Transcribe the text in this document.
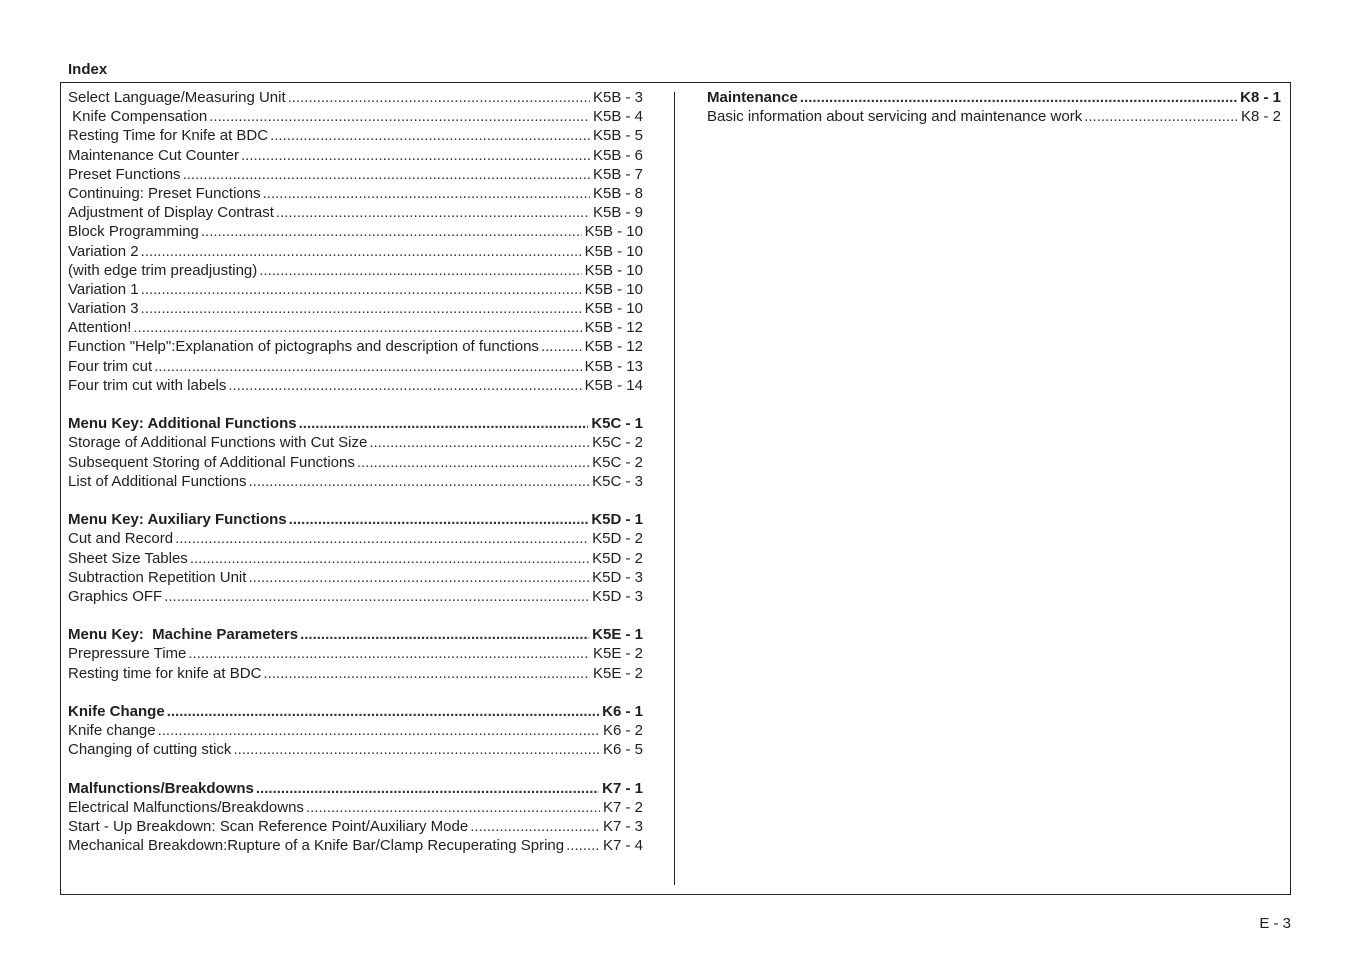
Index
Select Language/Measuring Unit .....	K5B - 3
Knife Compensation .....	K5B - 4
Resting Time for Knife at BDC .....	K5B - 5
Maintenance Cut Counter .....	K5B - 6
Preset Functions .....	K5B - 7
Continuing: Preset Functions .....	K5B - 8
Adjustment of Display Contrast .....	K5B - 9
Block Programming .....	K5B - 10
Variation 2 .....	K5B - 10
(with edge trim preadjusting) .....	K5B - 10
Variation 1 .....	K5B - 10
Variation 3 .....	K5B - 10
Attention! .....	K5B - 12
Function "Help":Explanation of pictographs and description of functions .....	K5B - 12
Four trim cut .....	K5B - 13
Four trim cut with labels .....	K5B - 14
Menu Key: Additional Functions .....	K5C - 1
Storage of Additional Functions with Cut Size .....	K5C - 2
Subsequent Storing of Additional Functions .....	K5C - 2
List of Additional Functions .....	K5C - 3
Menu Key: Auxiliary Functions .....	K5D - 1
Cut and Record .....	K5D - 2
Sheet Size Tables .....	K5D - 2
Subtraction Repetition Unit .....	K5D - 3
Graphics OFF .....	K5D - 3
Menu Key:  Machine Parameters .....	K5E - 1
Prepressure Time .....	K5E - 2
Resting time for knife at BDC .....	K5E - 2
Knife Change .....	K6 - 1
Knife change .....	K6 - 2
Changing of cutting stick .....	K6 - 5
Malfunctions/Breakdowns .....	K7 - 1
Electrical Malfunctions/Breakdowns .....	K7 - 2
Start - Up Breakdown: Scan Reference Point/Auxiliary Mode .....	K7 - 3
Mechanical Breakdown:Rupture of a Knife Bar/Clamp Recuperating Spring .....	K7 - 4
Maintenance .....	K8 - 1
Basic information about servicing and maintenance work .....	K8 - 2
E - 3
